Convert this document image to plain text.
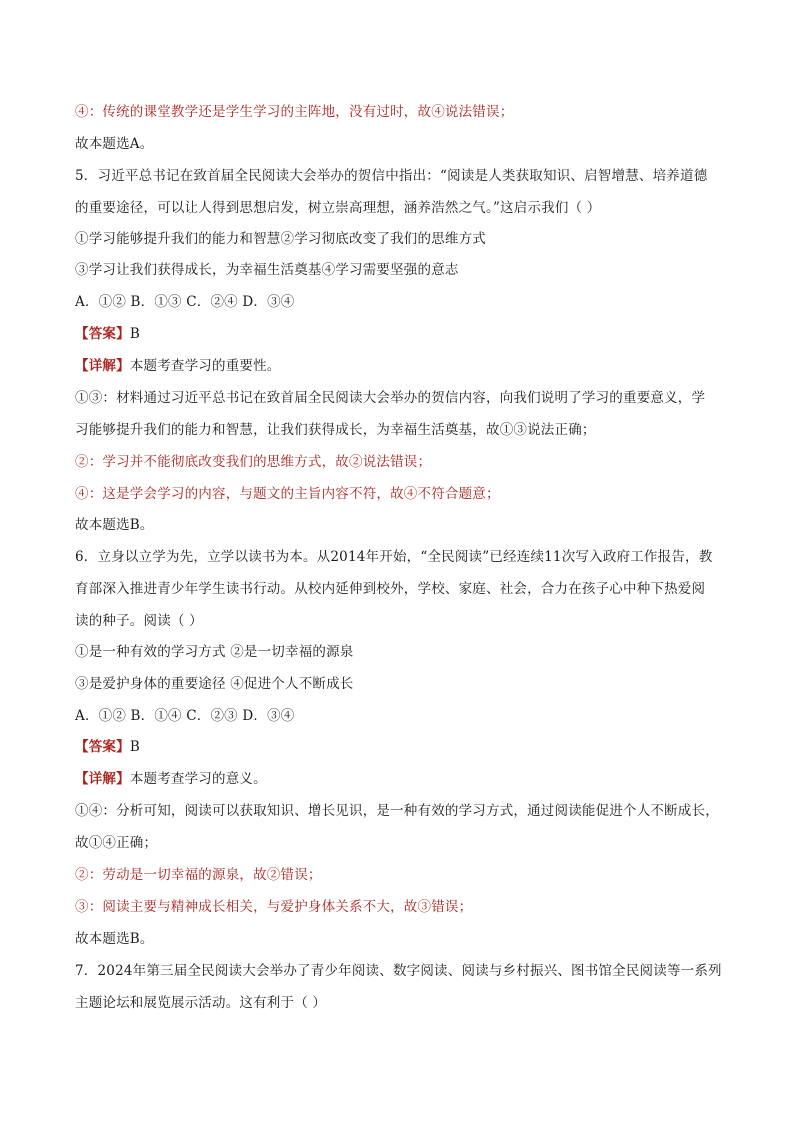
④：传统的课堂教学还是学生学习的主阵地，没有过时，故④说法错误；
故本题选A。
5．习近平总书记在致首届全民阅读大会举办的贺信中指出：“阅读是人类获取知识、启智增慧、培养道德
的重要途径，可以让人得到思想启发，树立崇高理想，涵养浩然之气。”这启示我们（ ）
①学习能够提升我们的能力和智慧②学习彻底改变了我们的思维方式
③学习让我们获得成长，为幸福生活奠基④学习需要坚强的意志
A．①② B．①③ C．②④ D．③④
【答案】B
【详解】本题考查学习的重要性。
①③：材料通过习近平总书记在致首届全民阅读大会举办的贺信内容，向我们说明了学习的重要意义，学
习能够提升我们的能力和智慧，让我们获得成长，为幸福生活奠基，故①③说法正确；
②：学习并不能彻底改变我们的思维方式，故②说法错误；
④：这是学会学习的内容，与题文的主旨内容不符，故④不符合题意；
故本题选B。
6．立身以立学为先，立学以读书为本。从2014年开始，“全民阅读”已经连续11次写入政府工作报告，教
育部深入推进青少年学生读书行动。从校内延伸到校外，学校、家庭、社会，合力在孩子心中种下热爱阅
读的种子。阅读（ ）
①是一种有效的学习方式 ②是一切幸福的源泉
③是爱护身体的重要途径 ④促进个人不断成长
A．①② B．①④ C．②③ D．③④
【答案】B
【详解】本题考查学习的意义。
①④：分析可知，阅读可以获取知识、增长见识，是一种有效的学习方式，通过阅读能促进个人不断成长，
故①④正确；
②：劳动是一切幸福的源泉，故②错误；
③：阅读主要与精神成长相关，与爱护身体关系不大，故③错误；
故本题选B。
7．2024年第三届全民阅读大会举办了青少年阅读、数字阅读、阅读与乡村振兴、图书馆全民阅读等一系列
主题论坛和展览展示活动。这有利于（ ）
